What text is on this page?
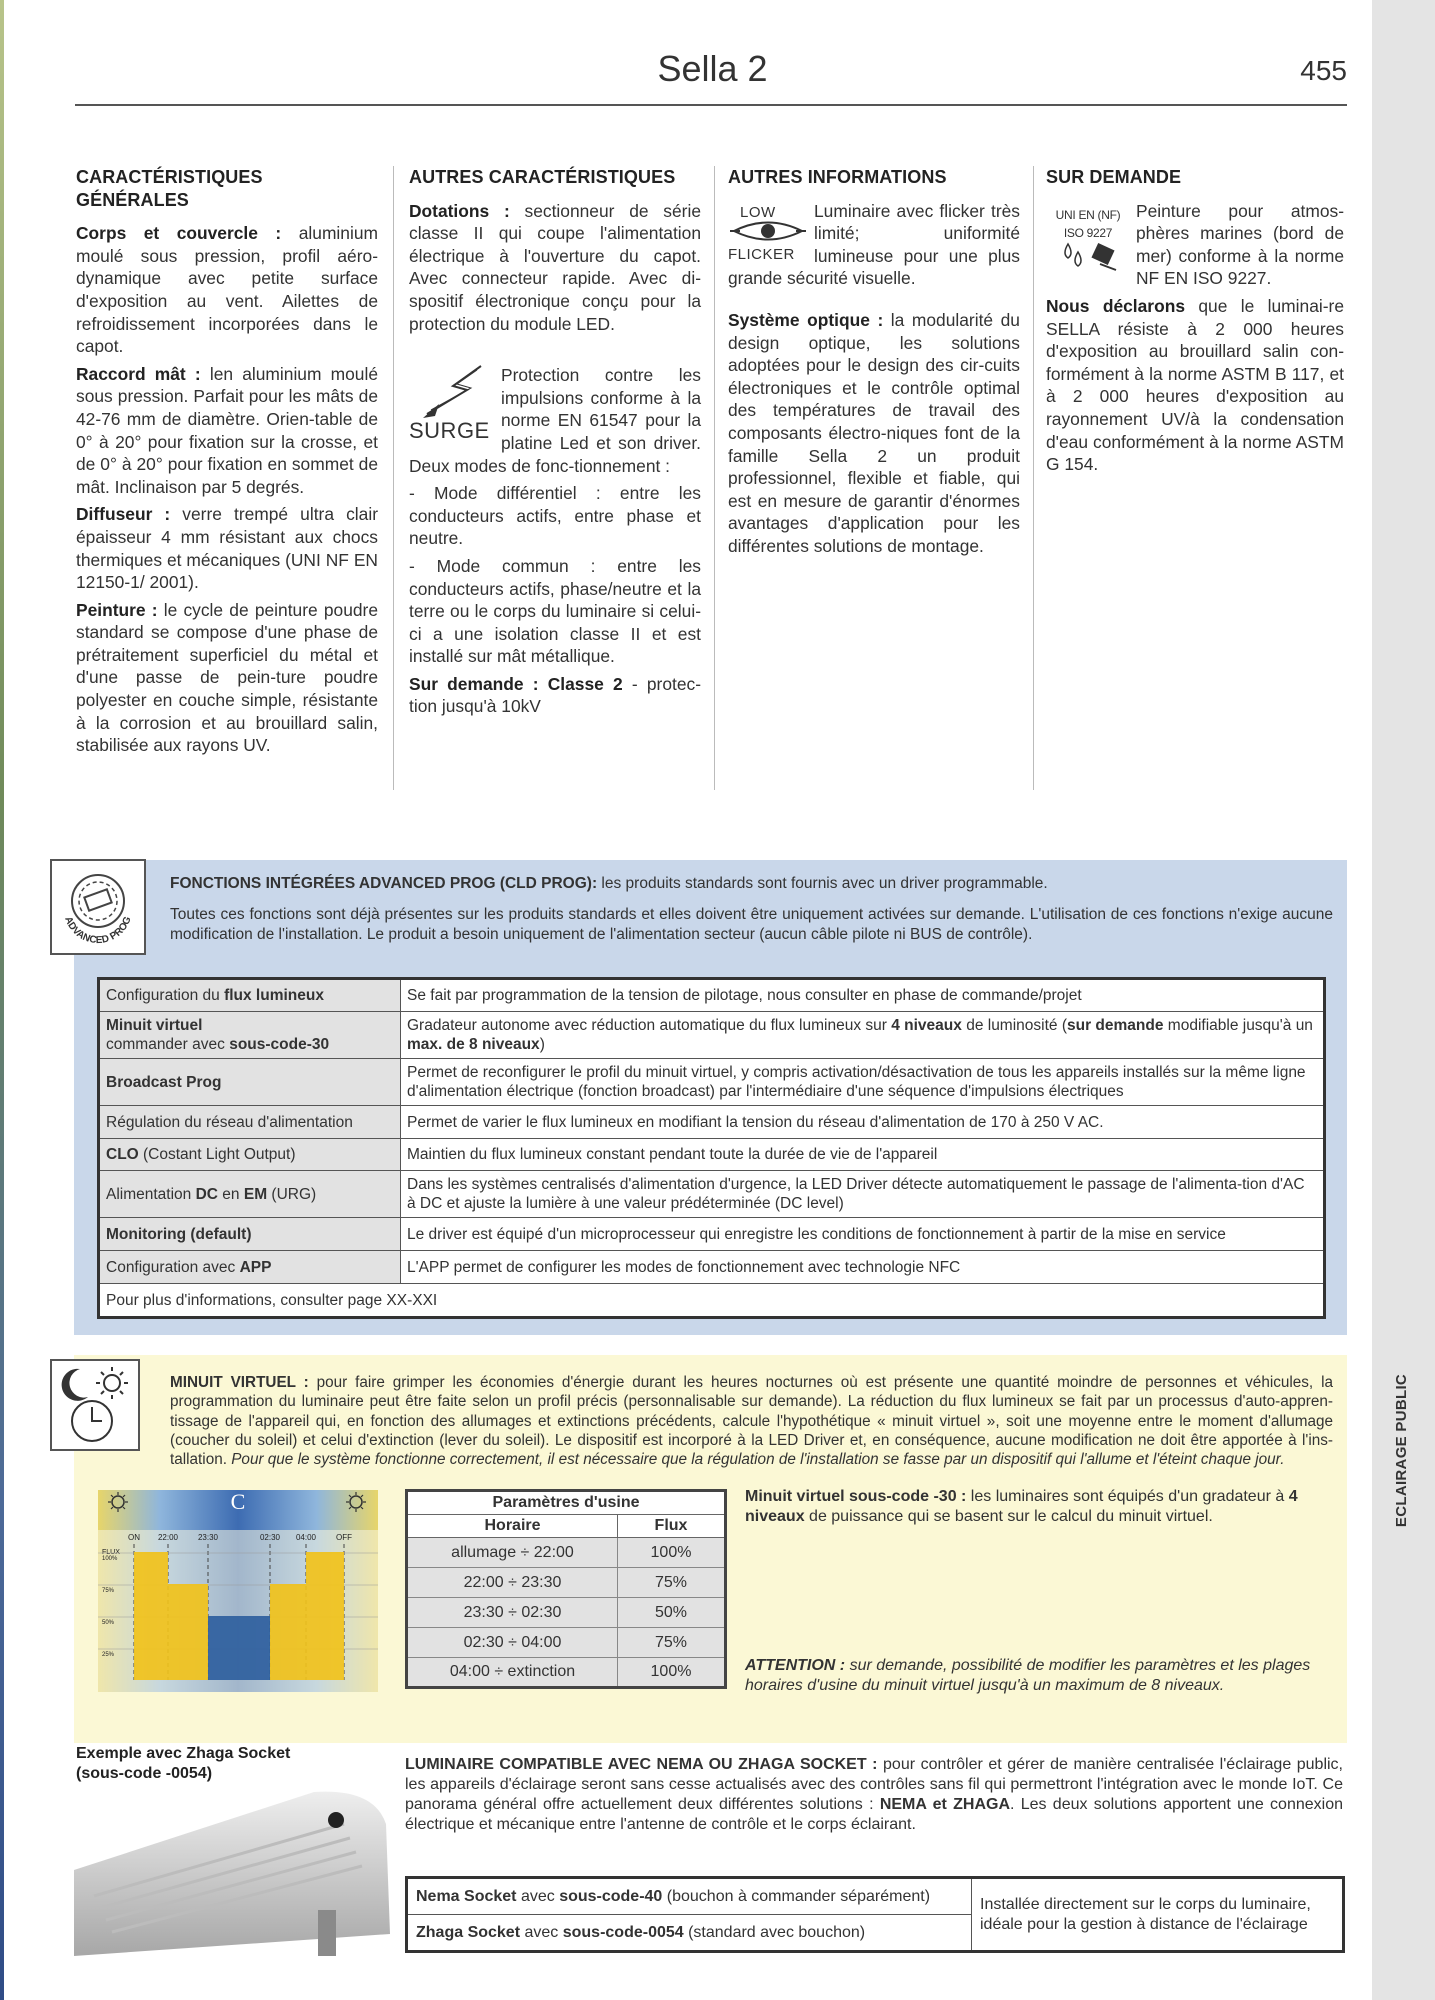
ECLAIRAGE PUBLIC
Sella 2	455
CARACTÉRISTIQUES GÉNÉRALES

Corps et couvercle : aluminium moulé sous pression, profil aéro-dynamique avec petite surface d'exposition au vent. Ailettes de refroidissement incorporées dans le capot.

Raccord mât : len aluminium moulé sous pression. Parfait pour les mâts de 42-76 mm de diamètre. Orien-table de 0° à 20° pour fixation sur la crosse, et de 0° à 20° pour fixation en sommet de mât. Inclinaison par 5 degrés.

Diffuseur : verre trempé ultra clair épaisseur 4 mm résistant aux chocs thermiques et mécaniques (UNI NF EN 12150-1/ 2001).

Peinture : le cycle de peinture poudre standard se compose d'une phase de prétraitement superficiel du métal et d'une passe de pein-ture poudre polyester en couche simple, résistante à la corrosion et au brouillard salin, stabilisée aux rayons UV.

AUTRES CARACTÉRISTIQUES

Dotations : sectionneur de série classe II qui coupe l'alimentation électrique à l'ouverture du capot. Avec connecteur rapide. Avec di-spositif électronique conçu pour la protection du module LED.

SURGE

Protection contre les impulsions conforme à la norme EN 61547 pour la platine Led et son driver. Deux modes de fonc-tionnement :

- Mode différentiel : entre les conducteurs actifs, entre phase et neutre.

- Mode commun : entre les conducteurs actifs, phase/neutre et la terre ou le corps du luminaire si celui-ci a une isolation classe II et est installé sur mât métallique.

Sur demande : Classe 2 - protec-tion jusqu'à 10kV

AUTRES INFORMATIONS
LOW
FLICKER

Luminaire avec flicker très limité; uniformité lumineuse pour une plus grande sécurité visuelle.

Système optique : la modularité du design optique, les solutions adoptées pour le design des cir-cuits électroniques et le contrôle optimal des températures de travail des composants électro-niques font de la famille Sella 2 un produit professionnel, flexible et fiable, qui est en mesure de garantir d'énormes avantages d'application pour les différentes solutions de montage.

SUR DEMANDE
UNI EN (NF)
ISO 9227

Peinture pour atmos-phères marines (bord de mer) conforme à la norme NF EN ISO 9227.

Nous déclarons que le luminai-re SELLA résiste à 2 000 heures d'exposition au brouillard salin con-formément à la norme ASTM B 117, et à 2 000 heures d'exposition au rayonnement UV/à la condensation d'eau conformément à la norme ASTM G 154.

ADVANCED PROG
FONCTIONS INTÉGRÉES ADVANCED PROG (CLD PROG): les produits standards sont fournis avec un driver programmable.
Toutes ces fonctions sont déjà présentes sur les produits standards et elles doivent être uniquement activées sur demande. L'utilisation de ces fonctions n'exige aucune modification de l'installation. Le produit a besoin uniquement de l'alimentation secteur (aucun câble pilote ni BUS de contrôle).
Configuration du flux lumineux	Se fait par programmation de la tension de pilotage, nous consulter en phase de commande/projet
Minuit virtuel
commander avec sous-code-30	Gradateur autonome avec réduction automatique du flux lumineux sur 4 niveaux de luminosité (sur demande modifiable jusqu'à un max. de 8 niveaux)
Broadcast Prog	Permet de reconfigurer le profil du minuit virtuel, y compris activation/désactivation de tous les appareils installés sur la même ligne d'alimentation électrique (fonction broadcast) par l'intermédiaire d'une séquence d'impulsions électriques
Régulation du réseau d'alimentation	Permet de varier le flux lumineux en modifiant la tension du réseau d'alimentation de 170 à 250 V AC.
CLO (Costant Light Output)	Maintien du flux lumineux constant pendant toute la durée de vie de l'appareil
Alimentation DC en EM (URG)	Dans les systèmes centralisés d'alimentation d'urgence, la LED Driver détecte automatiquement le passage de l'alimenta-tion d'AC à DC et ajuste la lumière à une valeur prédéterminée (DC level)
Monitoring (default)	Le driver est équipé d'un microprocesseur qui enregistre les conditions de fonctionnement à partir de la mise en service
Configuration avec APP	L'APP permet de configurer les modes de fonctionnement avec technologie NFC
Pour plus d'informations, consulter page XX-XXI	
MINUIT VIRTUEL : pour faire grimper les économies d'énergie durant les heures nocturnes où est présente une quantité moindre de personnes et véhicules, la programmation du luminaire peut être faite selon un profil précis (personnalisable sur demande). La réduction du flux lumineux se fait par un processus d'auto-appren-tissage de l'appareil qui, en fonction des allumages et extinctions précédents, calcule l'hypothétique « minuit virtuel », soit une moyenne entre le moment d'allumage (coucher du soleil) et celui d'extinction (lever du soleil). Le dispositif est incorporé à la LED Driver et, en conséquence, aucune modification ne doit être apportée à l'ins-tallation. Pour que le système fonctionne correctement, il est nécessaire que la régulation de l'installation se fasse par un dispositif qui l'allume et l'éteint chaque jour.
C
ON 22:00 23:30	02:30 04:00 OFF
FLUX
100%
75%
50%
25%
Paramètres d'usine	
Horaire	Flux
allumage ÷ 22:00	100%
22:00 ÷ 23:30	75%
23:30 ÷ 02:30	50%
02:30 ÷ 04:00	75%
04:00 ÷ extinction	100%
Minuit virtuel sous-code -30 : les luminaires sont équipés d'un gradateur à 4 niveaux de puissance qui se basent sur le calcul du minuit virtuel.
ATTENTION : sur demande, possibilité de modifier les paramètres et les plages horaires d'usine du minuit virtuel jusqu'à un maximum de 8 niveaux.
Exemple avec Zhaga Socket (sous-code -0054)
LUMINAIRE COMPATIBLE AVEC NEMA OU ZHAGA SOCKET : pour contrôler et gérer de manière centralisée l'éclairage public, les appareils d'éclairage seront sans cesse actualisés avec des contrôles sans fil qui permettront l'intégration avec le monde IoT. Ce panorama général offre actuellement deux différentes solutions : NEMA et ZHAGA. Les deux solutions apportent une connexion électrique et mécanique entre l'antenne de contrôle et le corps éclairant.
Nema Socket avec sous-code-40 (bouchon à commander séparément)	Installée directement sur le corps du luminaire, idéale pour la gestion à distance de l'éclairage
Zhaga Socket avec sous-code-0054 (standard avec bouchon)
